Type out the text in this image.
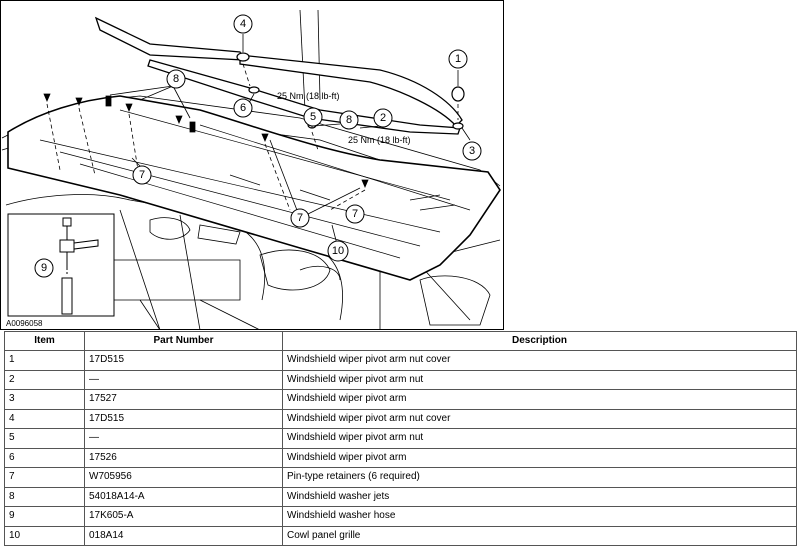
25 Nm (18 lb-ft)
25 Nm (18 lb-ft)
A0096058
1
2
3
4
5
6
7
7	7
8
8
9
10
Item	Part Number	Description
1	17D515	Windshield wiper pivot arm nut cover
2	—	Windshield wiper pivot arm nut
3	17527	Windshield wiper pivot arm
4	17D515	Windshield wiper pivot arm nut cover
5	—	Windshield wiper pivot arm nut
6	17526	Windshield wiper pivot arm
7	W705956	Pin-type retainers (6 required)
8	54018A14-A	Windshield washer jets
9	17K605-A	Windshield washer hose
10	018A14	Cowl panel grille
